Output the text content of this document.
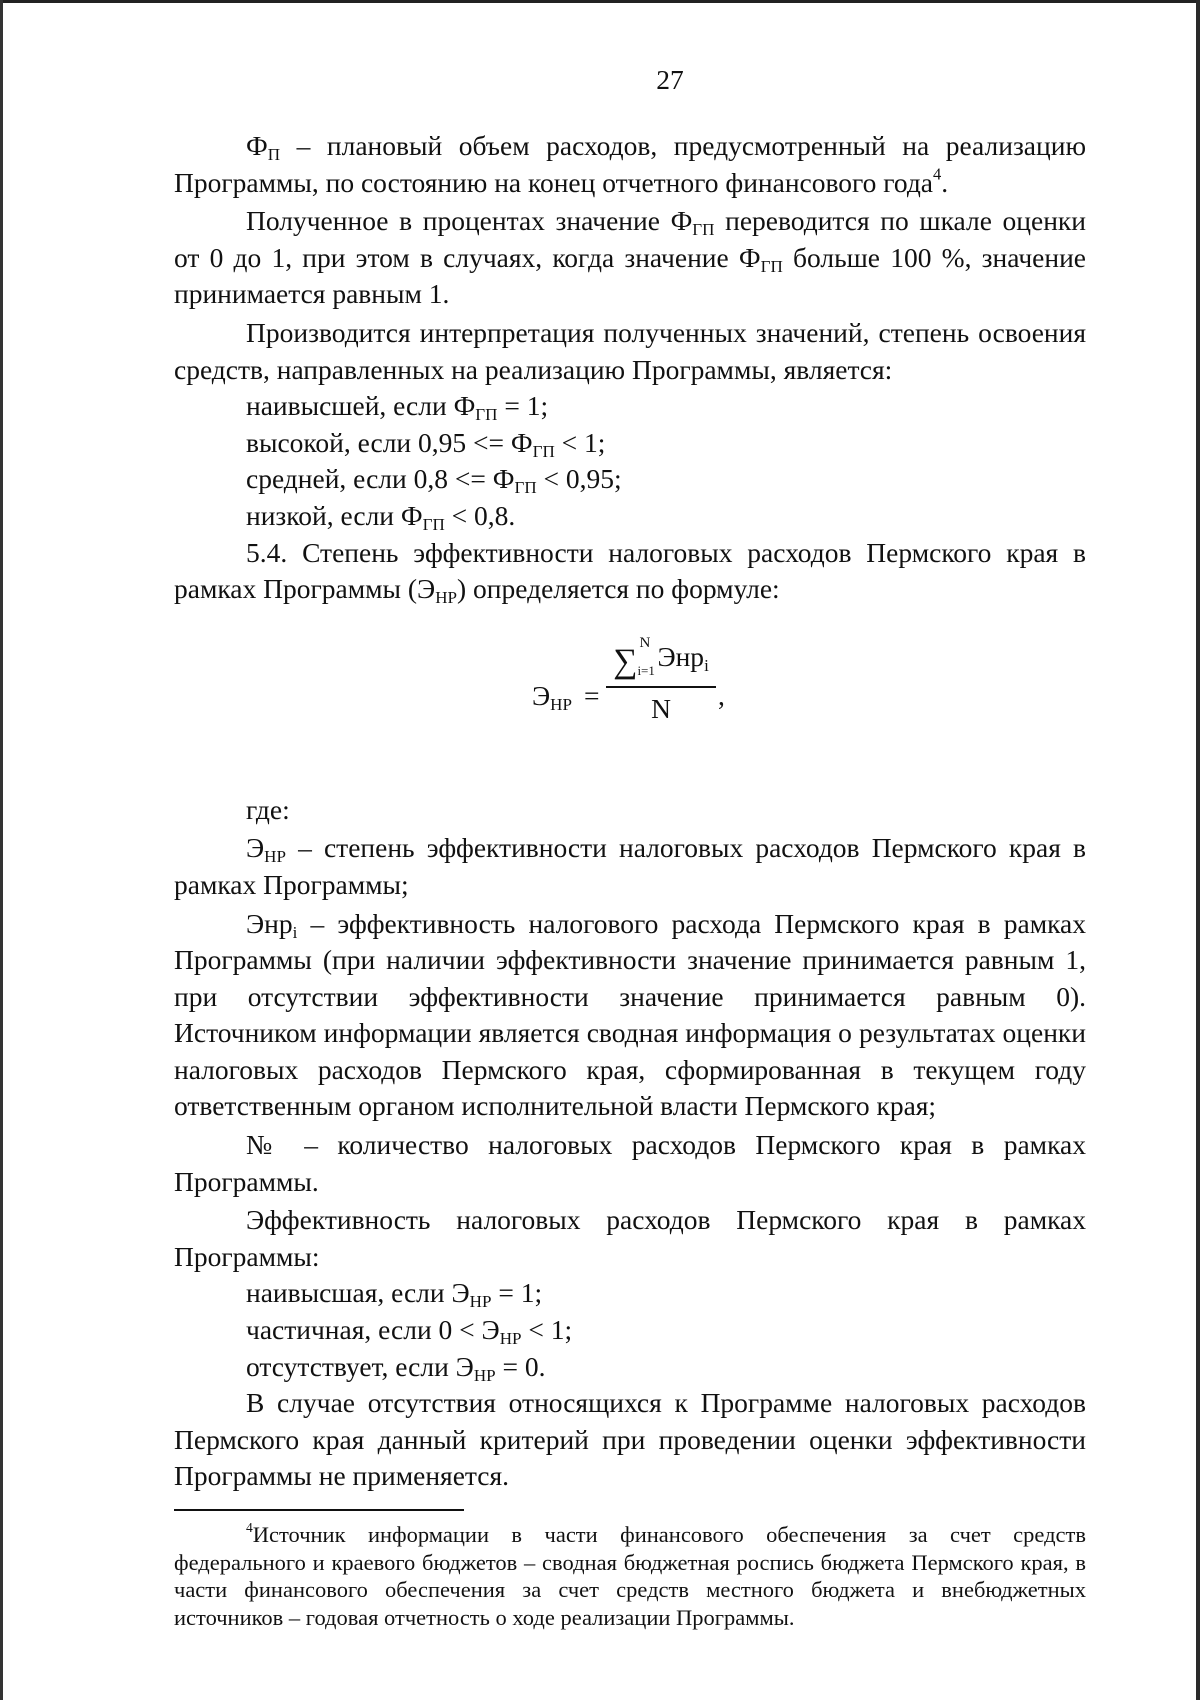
27

$Ф_П$ – плановый объем расходов, предусмотренный на реализацию Программы, по состоянию на конец отчетного финансового года$^4$.

Полученное в процентах значение $Ф_{ГП}$ переводится по шкале оценки от 0 до 1, при этом в случаях, когда значение $Ф_{ГП}$ больше 100 %, значение принимается равным 1.

Производится интерпретация полученных значений, степень освоения средств, направленных на реализацию Программы, является:

наивысшей, если $Ф_{ГП} = 1$;

высокой, если $0,95 <= Ф_{ГП} < 1$;

средней, если $0,8 <= Ф_{ГП} < 0,95$;

низкой, если $Ф_{ГП} < 0,8$.

5.4. Степень эффективности налоговых расходов Пермского края в рамках Программы $(Э_{НР})$ определяется по формуле:

$Э_{НР}$ =
∑ N
i=1 Энр$_i$
N	,

где:

$Э_{НР}$ – степень эффективности налоговых расходов Пермского края в рамках Программы;

Энр$_i$ – эффективность налогового расхода Пермского края в рамках Программы (при наличии эффективности значение принимается равным 1, при отсутствии эффективности значение принимается равным 0). Источником информации является сводная информация о результатах оценки налоговых расходов Пермского края, сформированная в текущем году ответственным органом исполнительной власти Пермского края;

№ – количество налоговых расходов Пермского края в рамках Программы.

Эффективность налоговых расходов Пермского края в рамках Программы:

наивысшая, если $Э_{НР} = 1$;

частичная, если $0 < Э_{НР} < 1$;

отсутствует, если $Э_{НР} = 0$.

В случае отсутствия относящихся к Программе налоговых расходов Пермского края данный критерий при проведении оценки эффективности Программы не применяется.

$^4$Источник информации в части финансового обеспечения за счет средств федерального и краевого бюджетов – сводная бюджетная роспись бюджета Пермского края, в части финансового обеспечения за счет средств местного бюджета и внебюджетных источников – годовая отчетность о ходе реализации Программы.
